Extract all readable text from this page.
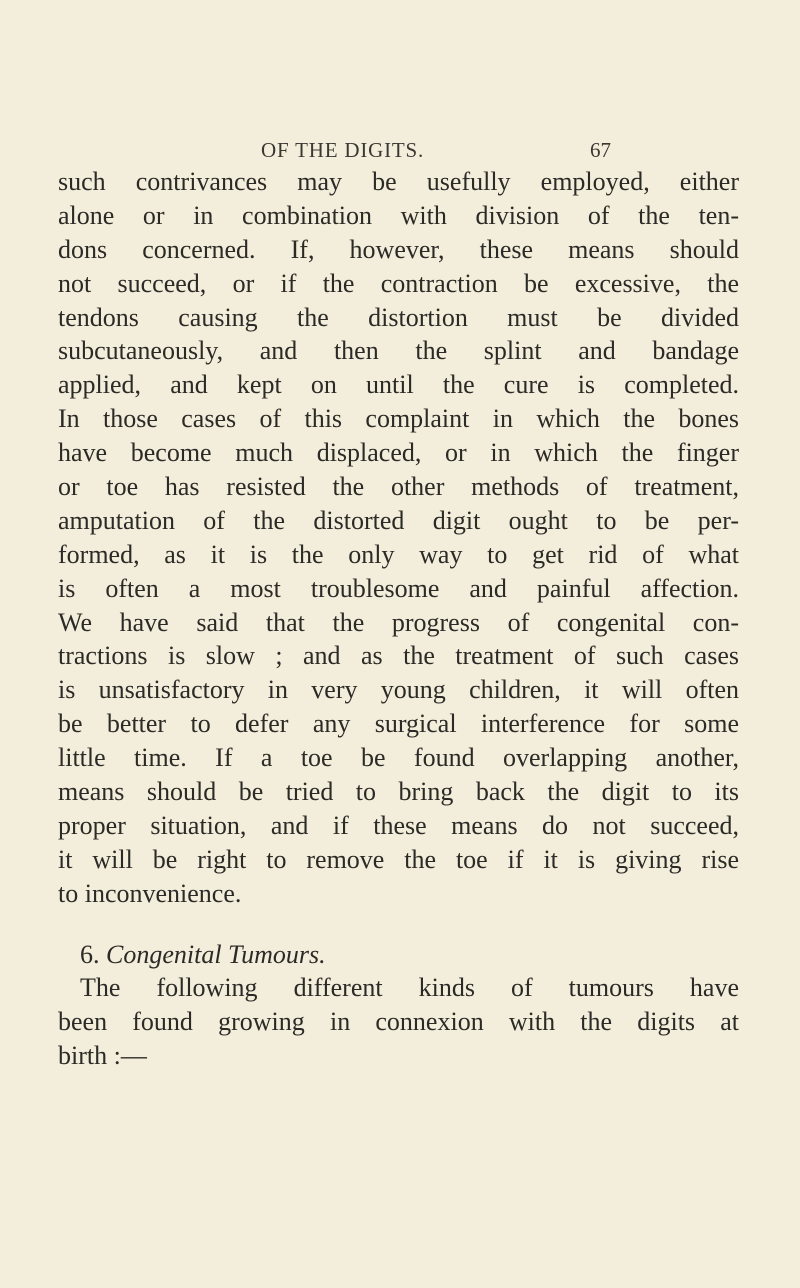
OF THE DIGITS.	67
such contrivances may be usefully employed, either
alone or in combination with division of the ten-
dons concerned. If, however, these means should
not succeed, or if the contraction be excessive, the
tendons causing the distortion must be divided
subcutaneously, and then the splint and bandage
applied, and kept on until the cure is completed.
In those cases of this complaint in which the bones
have become much displaced, or in which the finger
or toe has resisted the other methods of treatment,
amputation of the distorted digit ought to be per-
formed, as it is the only way to get rid of what
is often a most troublesome and painful affection.
We have said that the progress of congenital con-
tractions is slow ; and as the treatment of such cases
is unsatisfactory in very young children, it will often
be better to defer any surgical interference for some
little time. If a toe be found overlapping another,
means should be tried to bring back the digit to its
proper situation, and if these means do not succeed,
it will be right to remove the toe if it is giving rise
to inconvenience.
6. Congenital Tumours.
The following different kinds of tumours have
been found growing in connexion with the digits at
birth :—
